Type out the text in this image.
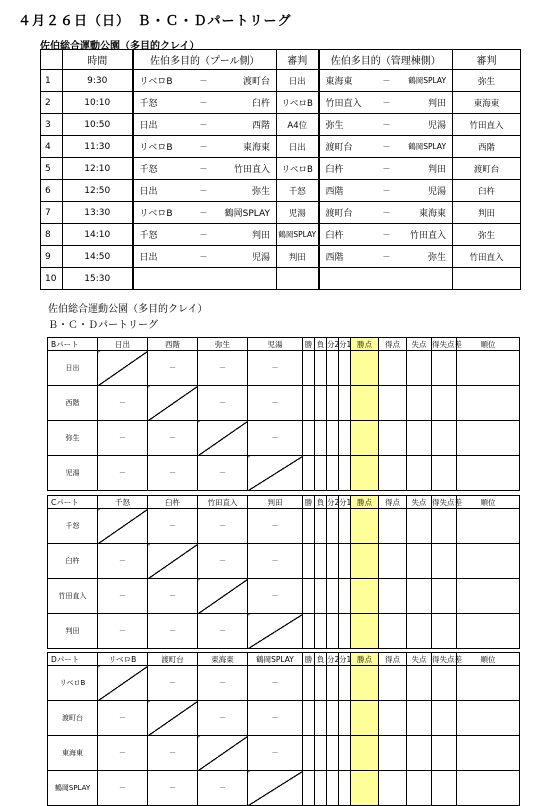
４月２６日（日）　Ｂ・Ｃ・Ｄパートリーグ
佐伯総合運動公園（多目的クレイ）
	時間	佐伯多目的（プール側）			審判	佐伯多目的（管理棟側）			審判
1	9:30	リベロB	－	渡町台	日出	東海東	－	鶴岡SPLAY	弥生
2	10:10	千怒	－	臼杵	リベロB	竹田直入	－	判田	東海東
3	10:50	日出	－	西階	A4位	弥生	－	児湯	竹田直入
4	11:30	リベロB	－	東海東	日出	渡町台	－	鶴岡SPLAY	西階
5	12:10	千怒	－	竹田直入	リベロB	臼杵	－	判田	渡町台
6	12:50	日出	－	弥生	千怒	西階	－	児湯	臼杵
7	13:30	リベロB	－	鶴岡SPLAY	児湯	渡町台	－	東海東	判田
8	14:10	千怒	－	判田	鶴岡SPLAY	臼杵	－	竹田直入	弥生
9	14:50	日出	－	児湯	判田	西階	－	弥生	竹田直入
10	15:30								
佐伯総合運動公園（多目的クレイ）
Ｂ・Ｃ・Ｄパートリーグ
Bパート	日出	西階	弥生	児湯	勝	負	分2	分1	勝点	得点	失点	得失点差	順位
日出		－	－	－									
西階	－		－	－									
弥生	－	－		－									
児湯	－	－	－										
Cパート	千怒	臼杵	竹田直入	判田	勝	負	分2	分1	勝点	得点	失点	得失点差	順位
千怒		－	－	－									
臼杵	－		－	－									
竹田直入	－	－		－									
判田	－	－	－										
Dパート	リベロB	渡町台	東海東	鶴岡SPLAY	勝	負	分2	分1	勝点	得点	失点	得失点差	順位
リベロB		－	－	－									
渡町台	－		－	－									
東海東	－	－		－									
鶴岡SPLAY	－	－	－										
